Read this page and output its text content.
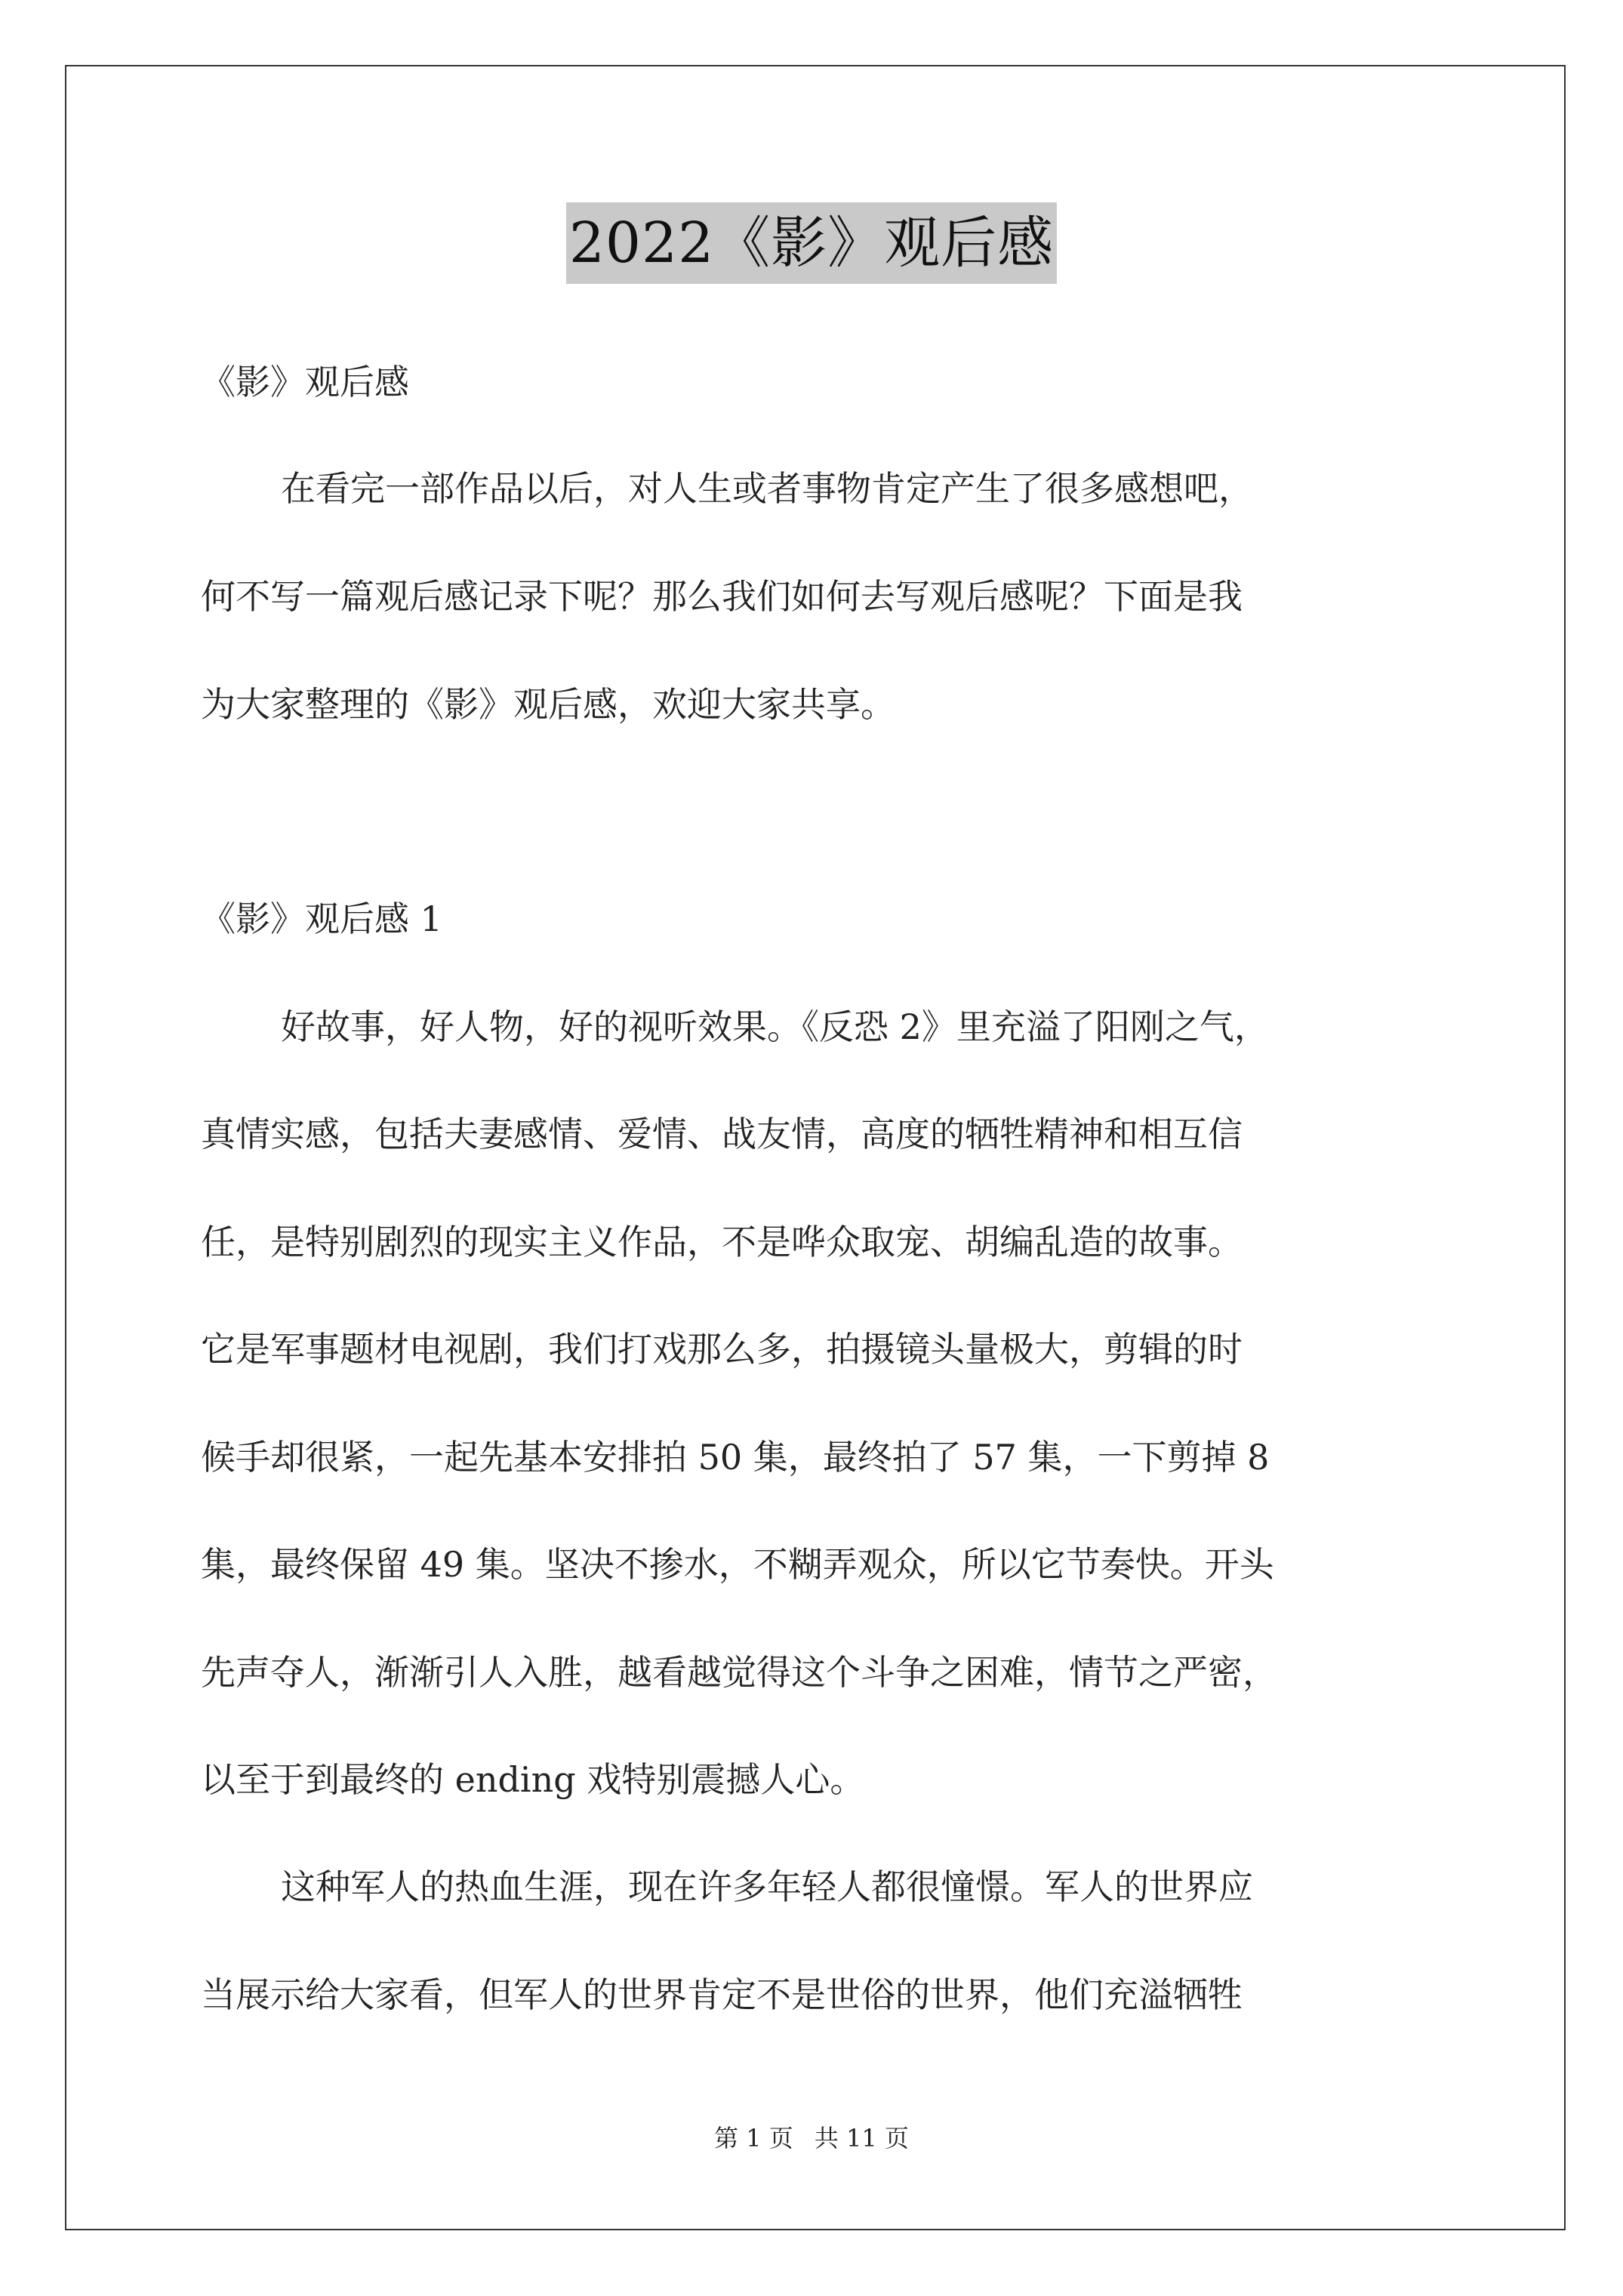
2022《影》观后感
《影》观后感
在看完一部作品以后，对人生或者事物肯定产生了很多感想吧，
何不写一篇观后感记录下呢？那么我们如何去写观后感呢？下面是我
为大家整理的《影》观后感，欢迎大家共享。
《影》观后感 1
好故事，好人物，好的视听效果。《反恐 2》里充溢了阳刚之气，
真情实感，包括夫妻感情、爱情、战友情，高度的牺牲精神和相互信
任，是特别剧烈的现实主义作品，不是哗众取宠、胡编乱造的故事。
它是军事题材电视剧，我们打戏那么多，拍摄镜头量极大，剪辑的时
候手却很紧，一起先基本安排拍 50 集，最终拍了 57 集，一下剪掉 8
集，最终保留 49 集。坚决不掺水，不糊弄观众，所以它节奏快。开头
先声夺人，渐渐引人入胜，越看越觉得这个斗争之困难，情节之严密，
以至于到最终的 ending 戏特别震撼人心。
这种军人的热血生涯，现在许多年轻人都很憧憬。军人的世界应
当展示给大家看，但军人的世界肯定不是世俗的世界，他们充溢牺牲
第 1 页 共 11 页
